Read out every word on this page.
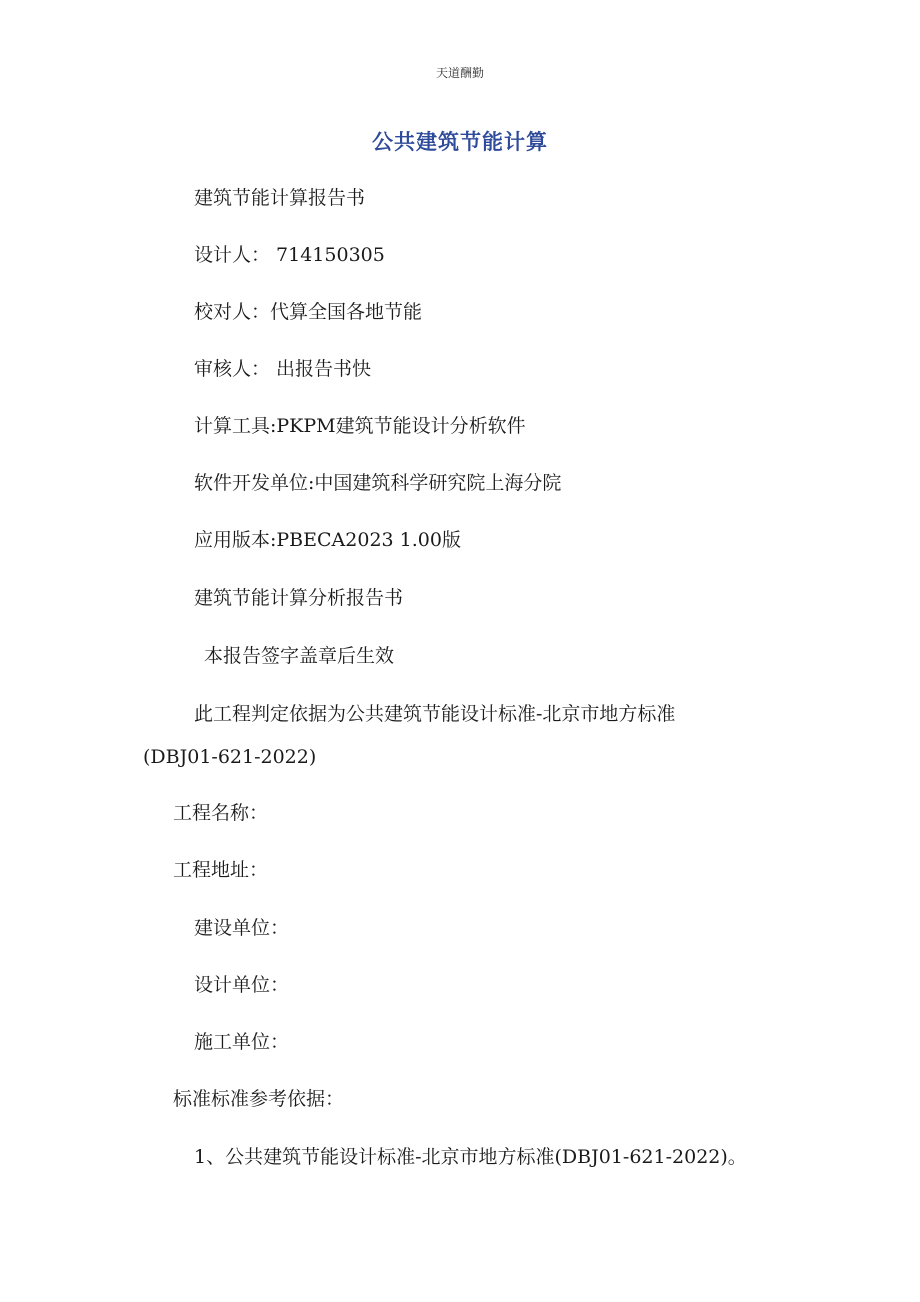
天道酬勤
公共建筑节能计算
建筑节能计算报告书
设计人： 714150305
校对人：代算全国各地节能
审核人： 出报告书快
计算工具:PKPM建筑节能设计分析软件
软件开发单位:中国建筑科学研究院上海分院
应用版本:PBECA2023 1.00版
建筑节能计算分析报告书
本报告签字盖章后生效
此工程判定依据为公共建筑节能设计标准-北京市地方标准
(DBJ01-621-2022)
工程名称：
工程地址：
建设单位：
设计单位：
施工单位：
标准标准参考依据：
1、公共建筑节能设计标准-北京市地方标准(DBJ01-621-2022)。
